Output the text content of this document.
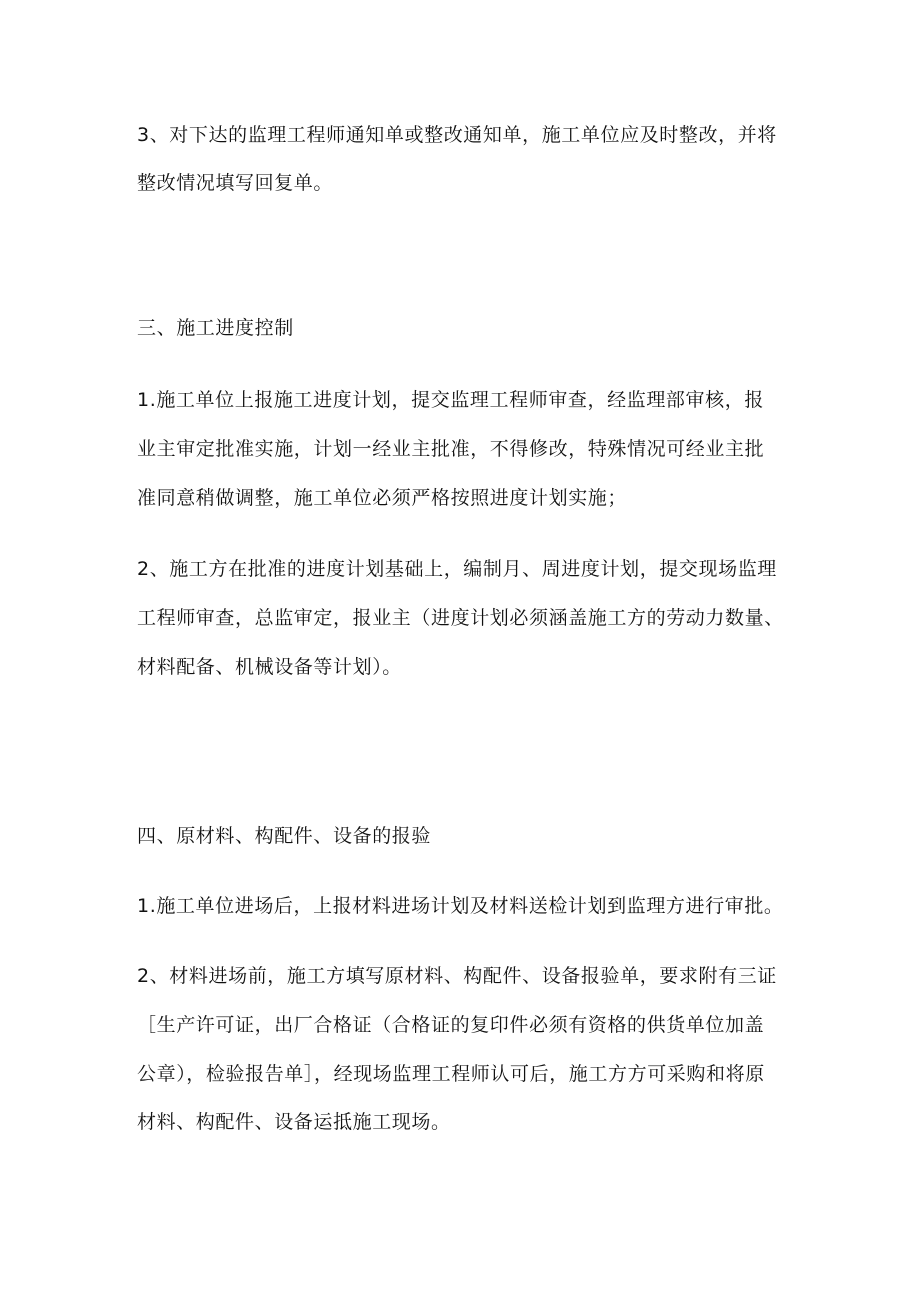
3、对下达的监理工程师通知单或整改通知单，施工单位应及时整改，并将

整改情况填写回复单。

三、施工进度控制

1.施工单位上报施工进度计划，提交监理工程师审查，经监理部审核，报

业主审定批准实施，计划一经业主批准，不得修改，特殊情况可经业主批

准同意稍做调整，施工单位必须严格按照进度计划实施；

2、施工方在批准的进度计划基础上，编制月、周进度计划，提交现场监理

工程师审查，总监审定，报业主（进度计划必须涵盖施工方的劳动力数量、

材料配备、机械设备等计划）。

四、原材料、构配件、设备的报验

1.施工单位进场后，上报材料进场计划及材料送检计划到监理方进行审批。

2、材料进场前，施工方填写原材料、构配件、设备报验单，要求附有三证

［生产许可证，出厂合格证（合格证的复印件必须有资格的供货单位加盖

公章），检验报告单］，经现场监理工程师认可后，施工方方可采购和将原

材料、构配件、设备运抵施工现场。
